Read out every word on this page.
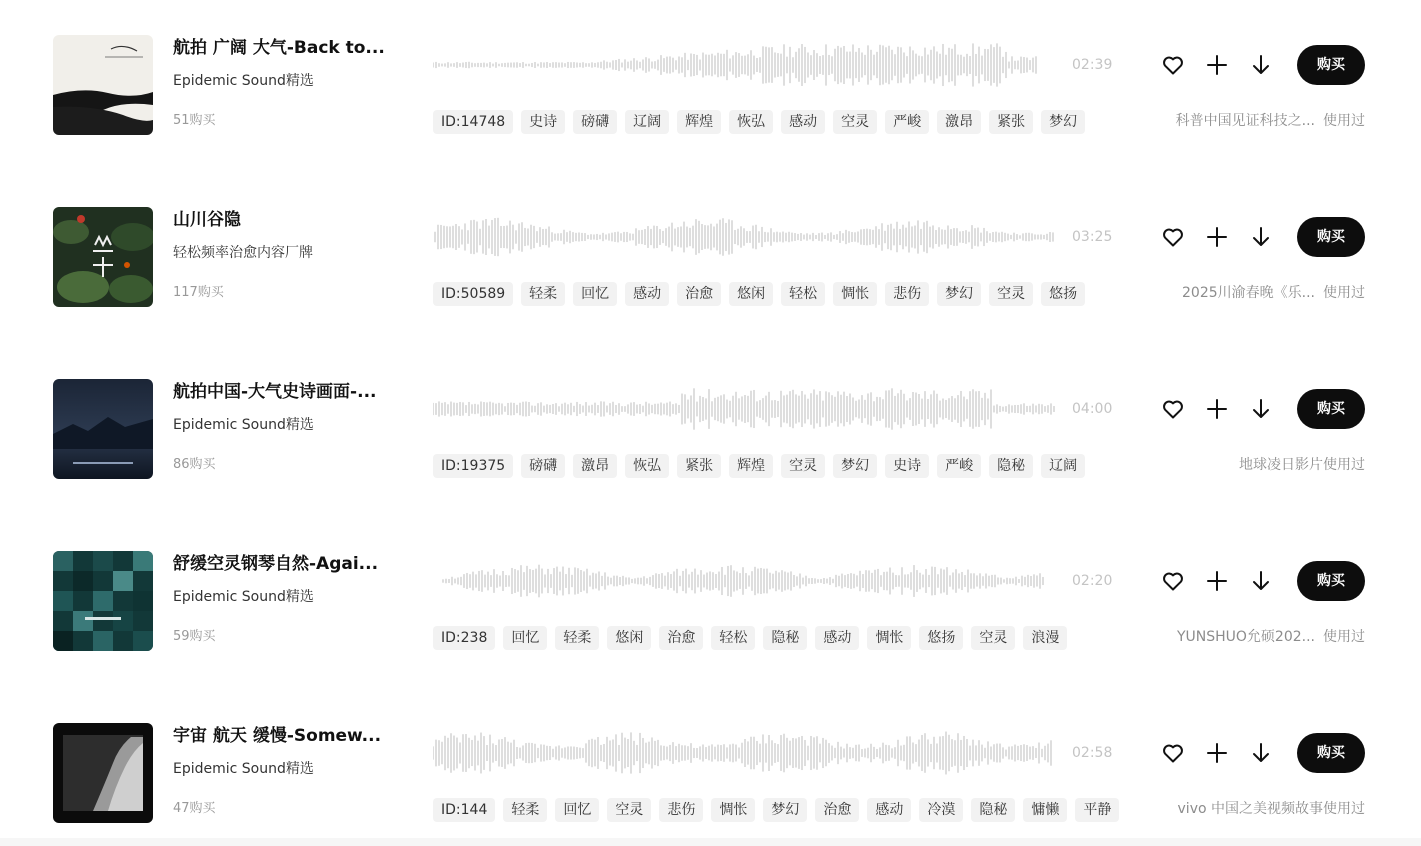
航拍 广阔 大气-Back to...
Epidemic Sound精选
51购买
02:39
ID:14748	史诗	磅礴	辽阔	辉煌	恢弘	感动	空灵	严峻	激昂	紧张	梦幻
购买
科普中国见证科技之... 使用过
山川谷隐
轻松频率治愈内容厂牌
117购买
03:25
ID:50589	轻柔	回忆	感动	治愈	悠闲	轻松	惆怅	悲伤	梦幻	空灵	悠扬
购买
2025川渝春晚《乐... 使用过
航拍中国-大气史诗画面-...
Epidemic Sound精选
86购买
04:00
ID:19375	磅礴	激昂	恢弘	紧张	辉煌	空灵	梦幻	史诗	严峻	隐秘	辽阔
购买
地球凌日影片 使用过
舒缓空灵钢琴自然-Agai...
Epidemic Sound精选
59购买
02:20
ID:238	回忆	轻柔	悠闲	治愈	轻松	隐秘	感动	惆怅	悠扬	空灵	浪漫
购买
YUNSHUO允硕202... 使用过
宇宙 航天 缓慢-Somew...
Epidemic Sound精选
47购买
02:58
ID:144	轻柔	回忆	空灵	悲伤	惆怅	梦幻	治愈	感动	冷漠	隐秘	慵懒	平静
购买
vivo 中国之美视频故事 使用过
